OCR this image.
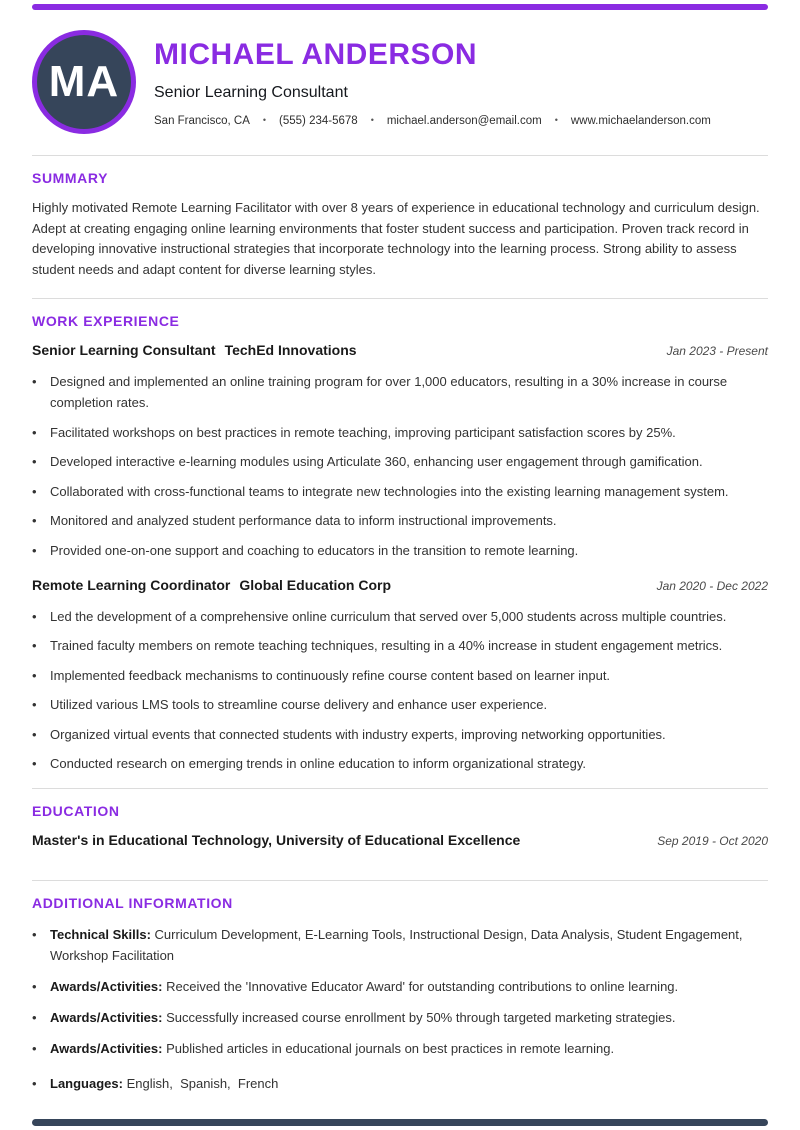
MA
MICHAEL ANDERSON
Senior Learning Consultant
San Francisco, CA • (555) 234-5678 • michael.anderson@email.com • www.michaelanderson.com
SUMMARY

Highly motivated Remote Learning Facilitator with over 8 years of experience in educational technology and curriculum design. Adept at creating engaging online learning environments that foster student success and participation. Proven track record in developing innovative instructional strategies that incorporate technology into the learning process. Strong ability to assess student needs and adapt content for diverse learning styles.

WORK EXPERIENCE
Senior Learning Consultant TechEd Innovations	Jan 2023 - Present
•	Designed and implemented an online training program for over 1,000 educators, resulting in a 30% increase in course completion rates.
•	Facilitated workshops on best practices in remote teaching, improving participant satisfaction scores by 25%.
•	Developed interactive e-learning modules using Articulate 360, enhancing user engagement through gamification.
•	Collaborated with cross-functional teams to integrate new technologies into the existing learning management system.
•	Monitored and analyzed student performance data to inform instructional improvements.
•	Provided one-on-one support and coaching to educators in the transition to remote learning.
Remote Learning Coordinator Global Education Corp	Jan 2020 - Dec 2022
•	Led the development of a comprehensive online curriculum that served over 5,000 students across multiple countries.
•	Trained faculty members on remote teaching techniques, resulting in a 40% increase in student engagement metrics.
•	Implemented feedback mechanisms to continuously refine course content based on learner input.
•	Utilized various LMS tools to streamline course delivery and enhance user experience.
•	Organized virtual events that connected students with industry experts, improving networking opportunities.
•	Conducted research on emerging trends in online education to inform organizational strategy.
EDUCATION
Master's in Educational Technology, University of Educational Excellence	Sep 2019 - Oct 2020
ADDITIONAL INFORMATION
•	Technical Skills: Curriculum Development, E-Learning Tools, Instructional Design, Data Analysis, Student Engagement, Workshop Facilitation
•	Awards/Activities: Received the 'Innovative Educator Award' for outstanding contributions to online learning.
•	Awards/Activities: Successfully increased course enrollment by 50% through targeted marketing strategies.
•	Awards/Activities: Published articles in educational journals on best practices in remote learning.
•	Languages: English,  Spanish,  French
